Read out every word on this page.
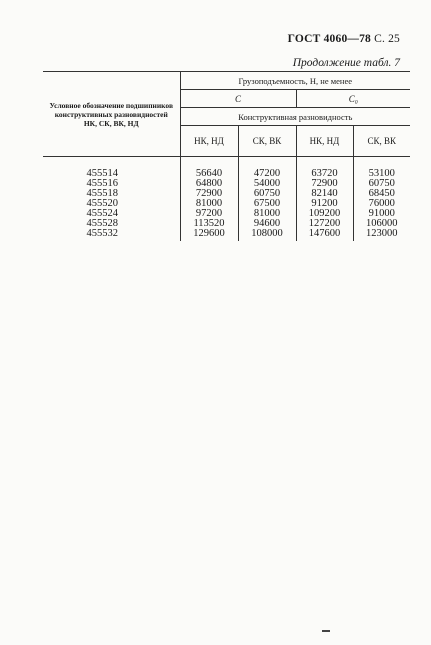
ГОСТ 4060—78 С. 25
Продолжение табл. 7
Условное обозначение подшипников конструктивных разновидностей НК, СК, ВК, НД	Грузоподъемность, Н, не менее			
	C		C₀	
	Конструктивная разновидность			
	НК, НД	СК, ВК	НК, НД	СК, ВК

455514	56640	47200	63720	53100
455516	64800	54000	72900	60750
455518	72900	60750	82140	68450
455520	81000	67500	91200	76000
455524	97200	81000	109200	91000
455528	113520	94600	127200	106000
455532	129600	108000	147600	123000
